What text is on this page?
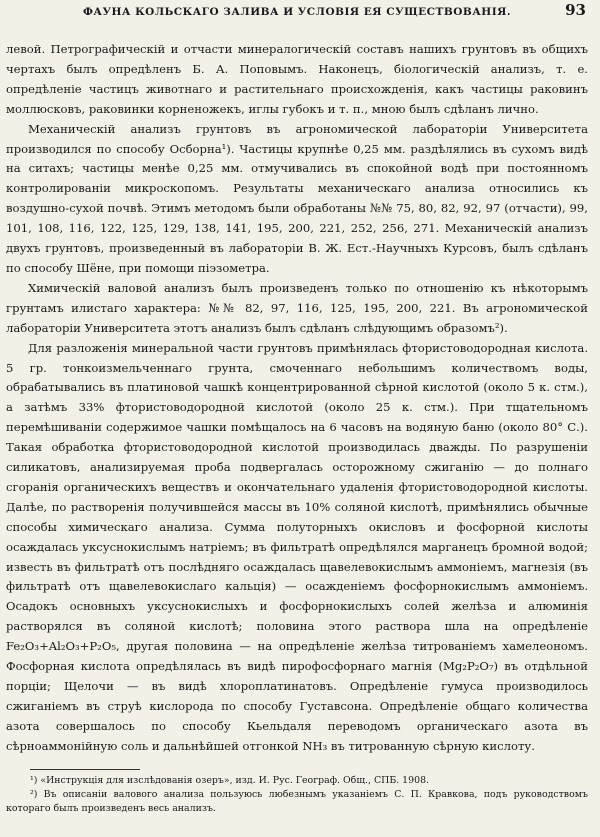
ФАУНА КОЛЬСКАГО ЗАЛИВА И УСЛОВІЯ ЕЯ СУЩЕСТВОВАНІЯ.	93

левой. Петрографическій и отчасти минералогическій составъ нашихъ грунтовъ въ общихъ чертахъ былъ опредѣленъ Б. А. Поповымъ. Наконецъ, біологическій анализъ, т. е. опредѣленіе частицъ животнаго и растительнаго происхожденія, какъ частицы раковинъ моллюсковъ, раковинки корненожекъ, иглы губокъ и т. п., мною былъ сдѣланъ лично.

Механическій анализъ грунтовъ въ агрономической лабораторіи Университета производился по способу Осборна¹). Частицы крупнѣе 0,25 мм. раздѣлялись въ сухомъ видѣ на ситахъ; частицы менѣе 0,25 мм. отмучивались въ спокойной водѣ при постоянномъ контролированіи микроскопомъ. Результаты механическаго анализа относились къ воздушно-сухой почвѣ. Этимъ методомъ были обработаны №№ 75, 80, 82, 92, 97 (отчасти), 99, 101, 108, 116, 122, 125, 129, 138, 141, 195, 200, 221, 252, 256, 271. Механическій анализъ двухъ грунтовъ, произведенный въ лабораторіи В. Ж. Ест.-Научныхъ Курсовъ, былъ сдѣланъ по способу Шёне, при помощи піэзометра.

Химическій валовой анализъ былъ произведенъ только по отношенію къ нѣкоторымъ грунтамъ илистаго характера: №№ 82, 97, 116, 125, 195, 200, 221. Въ агрономической лабораторіи Университета этотъ анализъ былъ сдѣланъ слѣдующимъ образомъ²).

Для разложенія минеральной части грунтовъ примѣнялась фтористоводородная кислота. 5 гр. тонкоизмельченнаго грунта, смоченнаго небольшимъ количествомъ воды, обрабатывались въ платиновой чашкѣ концентрированной сѣрной кислотой (около 5 к. стм.), а затѣмъ 33% фтористоводородной кислотой (около 25 к. стм.). При тщательномъ перемѣшиваніи содержимое чашки помѣщалось на 6 часовъ на водяную баню (около 80° С.). Такая обработка фтористоводородной кислотой производилась дважды. По разрушеніи силикатовъ, анализируемая проба подвергалась осторожному сжиганію — до полнаго сгоранія органическихъ веществъ и окончательнаго удаленія фтористоводородной кислоты. Далѣе, по растворенія получившейся массы въ 10% соляной кислотѣ, примѣнялись обычные способы химическаго анализа. Сумма полуторныхъ окисловъ и фосфорной кислоты осаждалась уксуснокислымъ натріемъ; въ фильтратѣ опредѣлялся марганецъ бромной водой; известь въ фильтратѣ отъ послѣдняго осаждалась щавелевокислымъ аммоніемъ, магнезія (въ фильтратѣ отъ щавелевокислаго кальція) — осажденіемъ фосфорнокислымъ аммоніемъ. Осадокъ основныхъ уксуснокислыхъ и фосфорнокислыхъ солей желѣза и алюминія растворялся въ соляной кислотѣ; половина этого раствора шла на опредѣленіе Fe₂O₃+Al₂O₃+P₂O₅, другая половина — на опредѣленіе желѣза титрованіемъ хамелеономъ. Фосфорная кислота опредѣлялась въ видѣ пирофосфорнаго магнія (Mg₂P₂O₇) въ отдѣльной порціи; Щелочи — въ видѣ хлороплатинатовъ. Опредѣленіе гумуса производилось сжиганіемъ въ струѣ кислорода по способу Густавсона. Опредѣленіе общаго количества азота совершалось по способу Кьельдаля переводомъ органическаго азота въ сѣрноаммонійную соль и дальнѣйшей отгонкой NH₃ въ титрованную сѣрную кислоту.

¹) «Инструкція для изслѣдованія озеръ», изд. И. Рус. Географ. Общ., СПБ. 1908.

²) Въ описаніи валового анализа пользуюсь любезнымъ указаніемъ С. П. Кравкова, подъ руководствомъ котораго былъ произведенъ весь анализъ.
